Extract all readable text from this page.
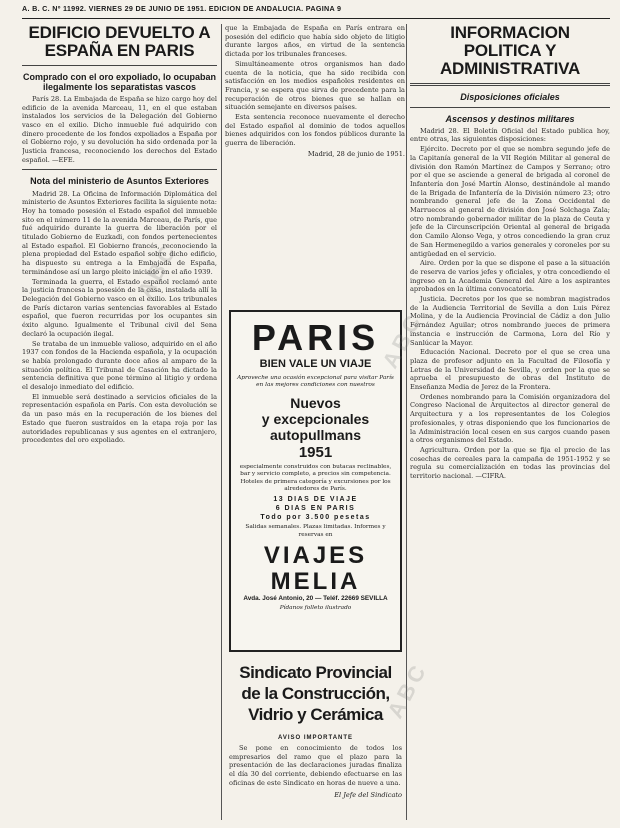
A. B. C. Nº 11992. VIERNES 29 DE JUNIO DE 1951. EDICION DE ANDALUCIA. PAGINA 9
EDIFICIO DEVUELTO A ESPAÑA EN PARIS
Comprado con el oro expoliado, lo ocupaban ilegalmente los separatistas vascos

París 28. La Embajada de España se hizo cargo hoy del edificio de la avenida Marceau, 11, en el que estaban instalados los servicios de la Delegación del Gobierno vasco en el exilio. Dicho inmueble fué adquirido con dinero procedente de los fondos expoliados a España por el Gobierno rojo, y su devolución ha sido ordenada por la Justicia francesa, reconociendo los derechos del Estado español. —EFE.

Nota del ministerio de Asuntos Exteriores

Madrid 28. La Oficina de Información Diplomática del ministerio de Asuntos Exteriores facilita la siguiente nota: Hoy ha tomado posesión el Estado español del inmueble sito en el número 11 de la avenida Marceau, de París, que fué adquirido durante la guerra de liberación por el titulado Gobierno de Euzkadi, con fondos pertenecientes al Estado español. El Gobierno francés, reconociendo la plena propiedad del Estado español sobre dicho edificio, ha dispuesto su entrega a la Embajada de España, terminándose así un largo pleito iniciado en el año 1939.

Terminada la guerra, el Estado español reclamó ante la justicia francesa la posesión de la casa, instalada allí la Delegación del Gobierno vasco en el exilio. Los tribunales de París dictaron varias sentencias favorables al Estado español, que fueron recurridas por los ocupantes sin éxito alguno. Igualmente el Tribunal civil del Sena declaró la ocupación ilegal.

Se trataba de un inmueble valioso, adquirido en el año 1937 con fondos de la Hacienda española, y la ocupación se había prolongado durante doce años al amparo de la situación política. El Tribunal de Casación ha dictado la sentencia definitiva que pone término al litigio y ordena el desalojo inmediato del edificio.

El inmueble será destinado a servicios oficiales de la representación española en París. Con esta devolución se da un paso más en la recuperación de los bienes del Estado que fueron sustraídos en la etapa roja por las autoridades republicanas y sus agentes en el extranjero, procedentes del oro expoliado.

que la Embajada de España en París entrara en posesión del edificio que había sido objeto de litigio durante largos años, en virtud de la sentencia dictada por los tribunales franceses.

Simultáneamente otros organismos han dado cuenta de la noticia, que ha sido recibida con satisfacción en los medios españoles residentes en Francia, y se espera que sirva de precedente para la recuperación de otros bienes que se hallan en situación semejante en diversos países.

Esta sentencia reconoce nuevamente el derecho del Estado español al dominio de todos aquellos bienes adquiridos con los fondos públicos durante la guerra de liberación.

Madrid, 28 de junio de 1951.
PARIS
BIEN VALE UN VIAJE
Aproveche una ocasión excepcional para visitar París en las mejores condiciones con nuestros
Nuevos
y excepcionales
autopullmans
1951
especialmente construidos con butacas reclinables, bar y servicio completo, a precios sin competencia. Hoteles de primera categoría y excursiones por los alrededores de París.
13 DIAS DE VIAJE
6 DIAS EN PARIS
Todo por 3.500 pesetas
Salidas semanales. Plazas limitadas. Informes y reservas en
VIAJES MELIA
Avda. José Antonio, 20 — Teléf. 22669 SEVILLA
Pídanos folleto ilustrado
Sindicato Provincial de la Construcción, Vidrio y Cerámica
AVISO IMPORTANTE

Se pone en conocimiento de todos los empresarios del ramo que el plazo para la presentación de las declaraciones juradas finaliza el día 30 del corriente, debiendo efectuarse en las oficinas de este Sindicato en horas de nueve a una.

El Jefe del Sindicato
INFORMACION POLITICA Y ADMINISTRATIVA
Disposiciones oficiales
Ascensos y destinos militares

Madrid 28. El Boletín Oficial del Estado publica hoy, entre otras, las siguientes disposiciones:

Ejército. Decreto por el que se nombra segundo jefe de la Capitanía general de la VII Región Militar al general de división don Ramón Martínez de Campos y Serrano; otro por el que se asciende a general de brigada al coronel de Infantería don José Martín Alonso, destinándole al mando de la Brigada de Infantería de la División número 23; otro nombrando general jefe de la Zona Occidental de Marruecos al general de división don José Solchaga Zala; otro nombrando gobernador militar de la plaza de Ceuta y jefe de la Circunscripción Oriental al general de brigada don Camilo Alonso Vega, y otros concediendo la gran cruz de San Hermenegildo a varios generales y coroneles por su antigüedad en el servicio.

Aire. Orden por la que se dispone el pase a la situación de reserva de varios jefes y oficiales, y otra concediendo el ingreso en la Academia General del Aire a los aspirantes aprobados en la última convocatoria.

Justicia. Decretos por los que se nombran magistrados de la Audiencia Territorial de Sevilla a don Luis Pérez Molina, y de la Audiencia Provincial de Cádiz a don Julio Fernández Aguilar; otros nombrando jueces de primera instancia e instrucción de Carmona, Lora del Río y Sanlúcar la Mayor.

Educación Nacional. Decreto por el que se crea una plaza de profesor adjunto en la Facultad de Filosofía y Letras de la Universidad de Sevilla, y orden por la que se aprueba el presupuesto de obras del Instituto de Enseñanza Media de Jerez de la Frontera.

Ordenes nombrando para la Comisión organizadora del Congreso Nacional de Arquitectos al director general de Arquitectura y a los representantes de los Colegios profesionales, y otras disponiendo que los funcionarios de la Administración local cesen en sus cargos cuando pasen a otros organismos del Estado.

Agricultura. Orden por la que se fija el precio de las cosechas de cereales para la campaña de 1951-1952 y se regula su comercialización en todas las provincias del territorio nacional. —CIFRA.

ABC
ABC
ABC
